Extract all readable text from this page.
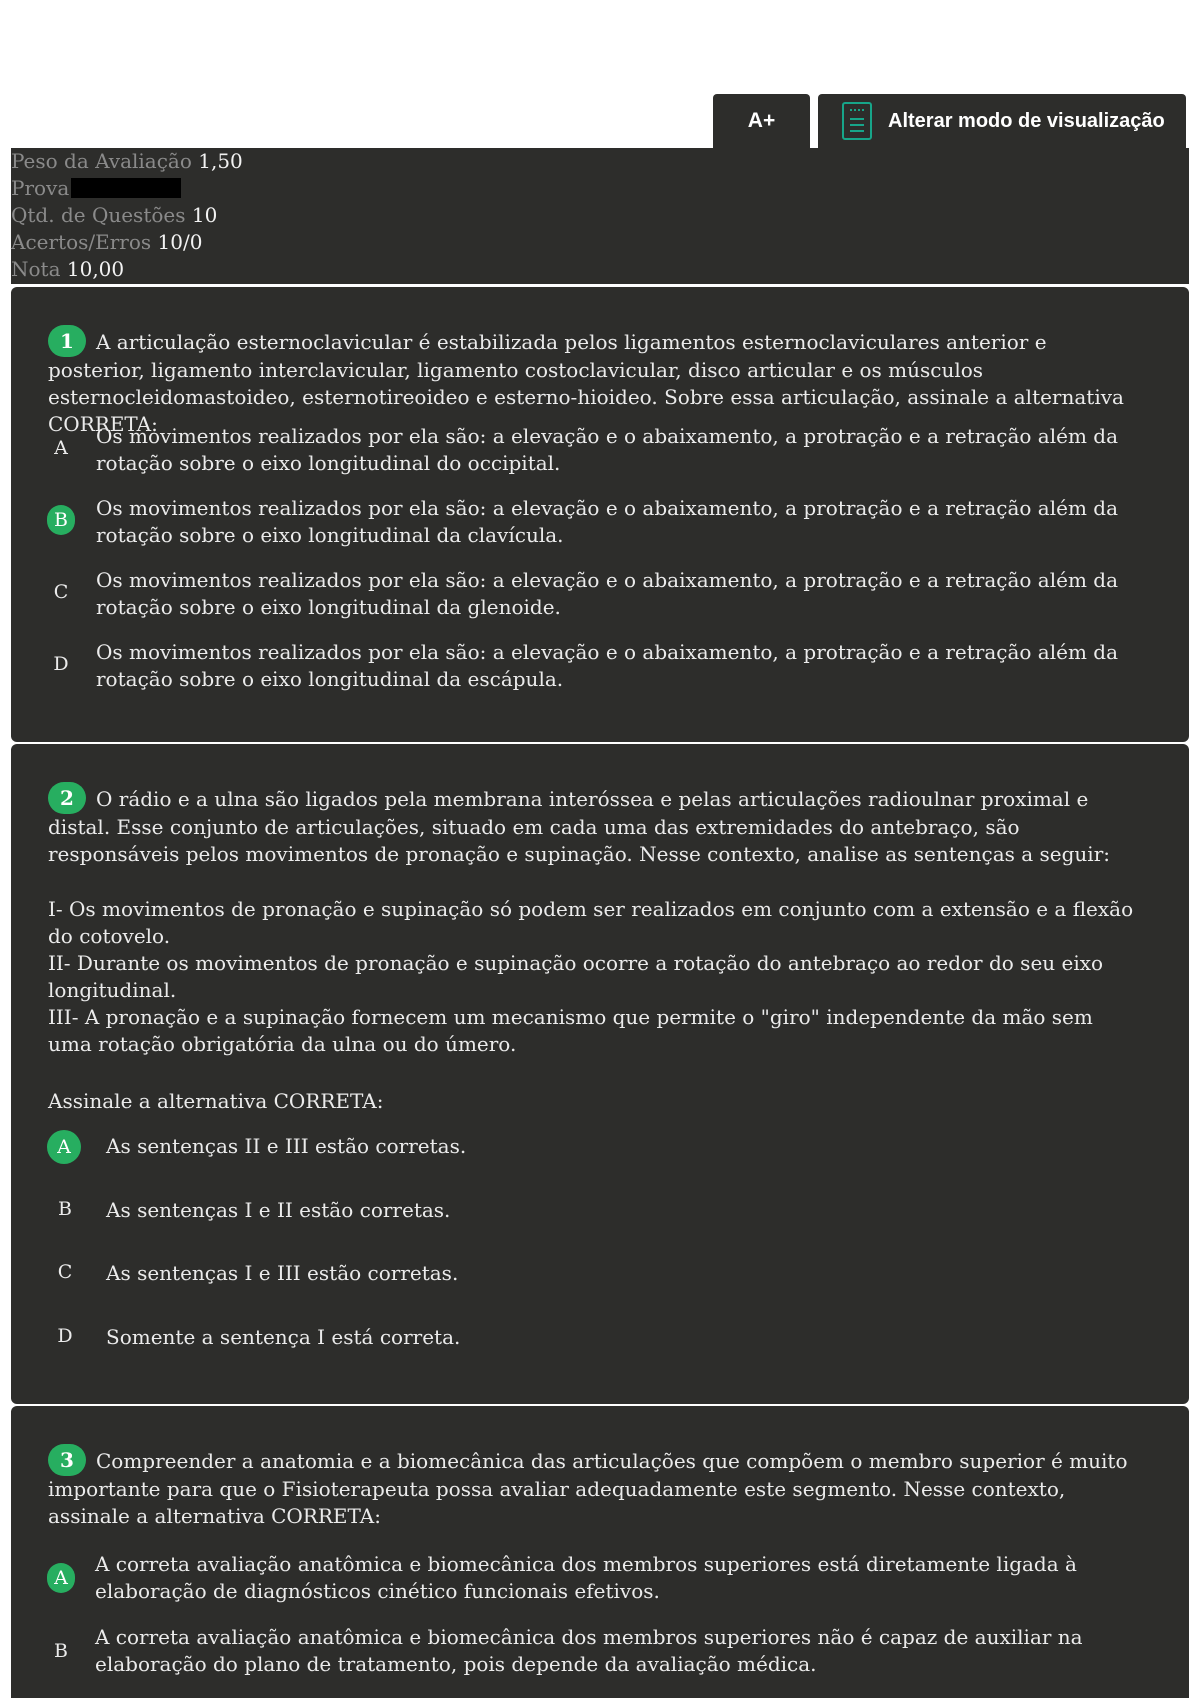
A+	Alterar modo de visualização
Peso da Avaliação 1,50
Prova
Qtd. de Questões 10
Acertos/Erros 10/0
Nota 10,00
1 A articulação esternoclavicular é estabilizada pelos ligamentos esternoclaviculares anterior e posterior, ligamento interclavicular, ligamento costoclavicular, disco articular e os músculos esternocleidomastoideo, esternotireoideo e esterno-hioideo. Sobre essa articulação, assinale a alternativa CORRETA:
A	Os movimentos realizados por ela são: a elevação e o abaixamento, a protração e a retração além da rotação sobre o eixo longitudinal do occipital.
B	Os movimentos realizados por ela são: a elevação e o abaixamento, a protração e a retração além da rotação sobre o eixo longitudinal da clavícula.
C Os movimentos realizados por ela são: a elevação e o abaixamento, a protração e a retração além da rotação sobre o eixo longitudinal da glenoide.
D Os movimentos realizados por ela são: a elevação e o abaixamento, a protração e a retração além da rotação sobre o eixo longitudinal da escápula.
2 O rádio e a ulna são ligados pela membrana interóssea e pelas articulações radioulnar proximal e distal. Esse conjunto de articulações, situado em cada uma das extremidades do antebraço, são responsáveis pelos movimentos de pronação e supinação. Nesse contexto, analise as sentenças a seguir:

I- Os movimentos de pronação e supinação só podem ser realizados em conjunto com a extensão e a flexão do cotovelo.

II- Durante os movimentos de pronação e supinação ocorre a rotação do antebraço ao redor do seu eixo longitudinal.

III- A pronação e a supinação fornecem um mecanismo que permite o "giro" independente da mão sem uma rotação obrigatória da ulna ou do úmero.

Assinale a alternativa CORRETA:
A	As sentenças II e III estão corretas.
B	As sentenças I e II estão corretas.
C As sentenças I e III estão corretas.
D Somente a sentença I está correta.
3 Compreender a anatomia e a biomecânica das articulações que compõem o membro superior é muito importante para que o Fisioterapeuta possa avaliar adequadamente este segmento. Nesse contexto, assinale a alternativa CORRETA:
A
A correta avaliação anatômica e biomecânica dos membros superiores está diretamente ligada à elaboração de diagnósticos cinético funcionais efetivos.
B
A correta avaliação anatômica e biomecânica dos membros superiores não é capaz de auxiliar na elaboração do plano de tratamento, pois depende da avaliação médica.
